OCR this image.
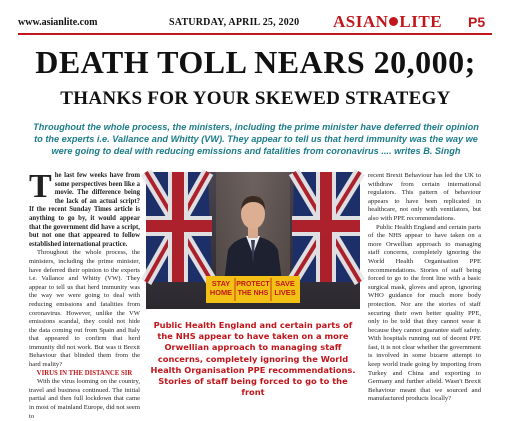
www.asianlite.com	SATURDAY, APRIL 25, 2020 ASIAN LITE P5
DEATH TOLL NEARS 20,000;
THANKS FOR YOUR SKEWED STRATEGY
Throughout the whole process, the ministers, including the prime minister have deferred their opinion to the experts i.e. Vallance and Whitty (VW). They appear to tell us that herd immunity was the way we were going to deal with reducing emissions and fatalities from coronavirus .... writes B. Singh
The last few weeks have from some perspectives been like a movie. The difference being the lack of an actual script? If the recent Sunday Times article is anything to go by, it would appear that the government did have a script, but not one that appeared to follow established international practice.

Throughout the whole process, the ministers, including the prime minister, have deferred their opinion to the experts i.e. Vallance and Whitty (VW). They appear to tell us that herd immunity was the way we were going to deal with reducing emissions and fatalities from coronavirus. However, unlike the VW emissions scandal, they could not hide the data coming out from Spain and Italy that appeared to confirm that herd immunity did not work. But was it Brexit Behaviour that blinded them from the hard reality?

VIRUS IN THE DISTANCE SIR

With the virus looming on the country, travel and business continued. The initial partial and then full lockdown that came in most of mainland Europe, did not seem to

STAY
HOME
PROTECT
THE NHS
SAVE
LIVES
Public Health England and certain parts of the NHS appear to have taken on a more Orwellian approach to managing staff concerns, completely ignoring the World Health Organisation PPE recommendations. Stories of staff being forced to go to the front

recent Brexit Behaviour has led the UK to withdraw from certain international regulators. This pattern of behaviour appears to have been replicated in healthcare, not only with ventilators, but also with PPE recommendations.

Public Health England and certain parts of the NHS appear to have taken on a more Orwellian approach to managing staff concerns, completely ignoring the World Health Organisation PPE recommendations. Stories of staff being forced to go to the front line with a basic surgical mask, gloves and apron, ignoring WHO guidance for much more body protection. Nor are the stories of staff securing their own better quality PPE, only to be told that they cannot wear it because they cannot guarantee staff safety. With hospitals running out of decent PPE fast, it is not clear whether the government is involved in some bizarre attempt to keep world trade going by importing from Turkey and China and exporting to Germany and further afield. Wasn't Brexit Behaviour meant that we sourced and manufactured products locally?
